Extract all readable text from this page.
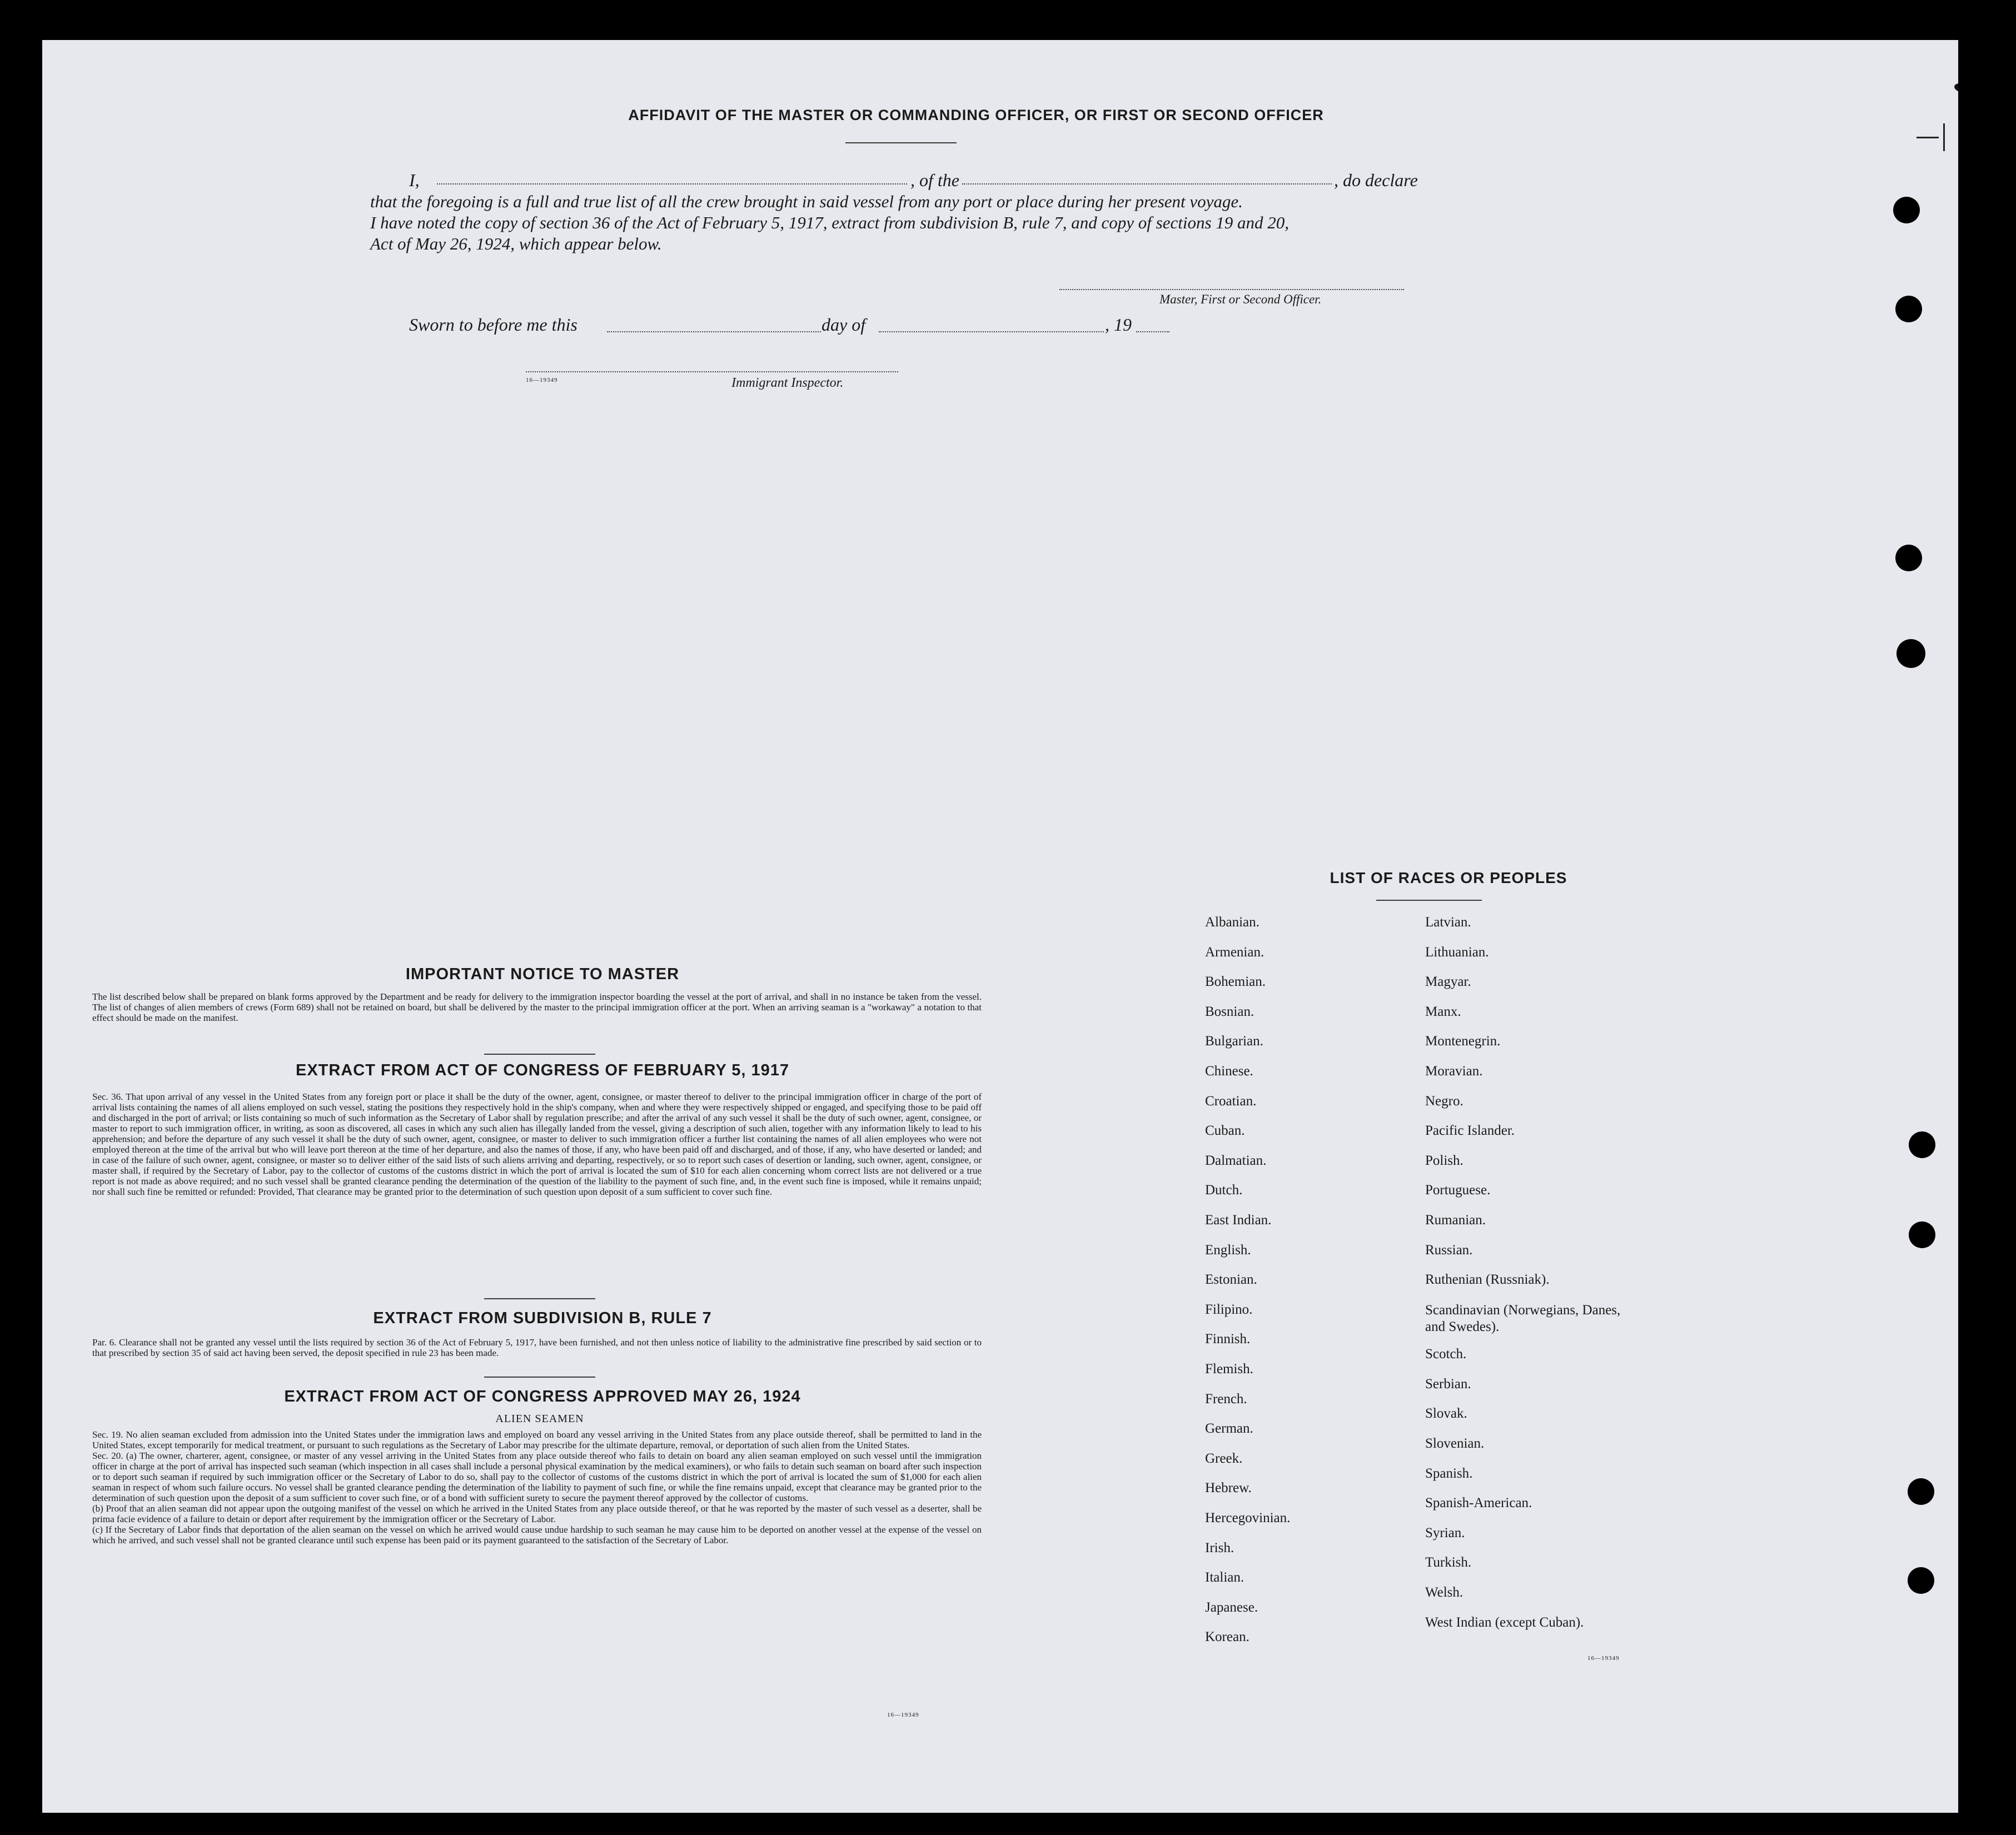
AFFIDAVIT OF THE MASTER OR COMMANDING OFFICER, OR FIRST OR SECOND OFFICER
I,	, of the	, do declare
that the foregoing is a full and true list of all the crew brought in said vessel from any port or place during her present voyage.
I have noted the copy of section 36 of the Act of February 5, 1917, extract from subdivision B, rule 7, and copy of sections 19 and 20,
Act of May 26, 1924, which appear below.
Master, First or Second Officer.
Sworn to before me this	day of	, 19
16—19349	Immigrant Inspector.
IMPORTANT NOTICE TO MASTER
The list described below shall be prepared on blank forms approved by the Department and be ready for delivery to the immigration inspector boarding the vessel at the port of arrival, and shall in no instance be taken from the vessel. The list of changes of alien members of crews (Form 689) shall not be retained on board, but shall be delivered by the master to the principal immigration officer at the port. When an arriving seaman is a "workaway" a notation to that effect should be made on the manifest.
EXTRACT FROM ACT OF CONGRESS OF FEBRUARY 5, 1917
Sec. 36. That upon arrival of any vessel in the United States from any foreign port or place it shall be the duty of the owner, agent, consignee, or master thereof to deliver to the principal immigration officer in charge of the port of arrival lists containing the names of all aliens employed on such vessel, stating the positions they respectively hold in the ship's company, when and where they were respectively shipped or engaged, and specifying those to be paid off and discharged in the port of arrival; or lists containing so much of such information as the Secretary of Labor shall by regulation prescribe; and after the arrival of any such vessel it shall be the duty of such owner, agent, consignee, or master to report to such immigration officer, in writing, as soon as discovered, all cases in which any such alien has illegally landed from the vessel, giving a description of such alien, together with any information likely to lead to his apprehension; and before the departure of any such vessel it shall be the duty of such owner, agent, consignee, or master to deliver to such immigration officer a further list containing the names of all alien employees who were not employed thereon at the time of the arrival but who will leave port thereon at the time of her departure, and also the names of those, if any, who have been paid off and discharged, and of those, if any, who have deserted or landed; and in case of the failure of such owner, agent, consignee, or master so to deliver either of the said lists of such aliens arriving and departing, respectively, or so to report such cases of desertion or landing, such owner, agent, consignee, or master shall, if required by the Secretary of Labor, pay to the collector of customs of the customs district in which the port of arrival is located the sum of $10 for each alien concerning whom correct lists are not delivered or a true report is not made as above required; and no such vessel shall be granted clearance pending the determination of the question of the liability to the payment of such fine, and, in the event such fine is imposed, while it remains unpaid; nor shall such fine be remitted or refunded: Provided, That clearance may be granted prior to the determination of such question upon deposit of a sum sufficient to cover such fine.
EXTRACT FROM SUBDIVISION B, RULE 7
Par. 6. Clearance shall not be granted any vessel until the lists required by section 36 of the Act of February 5, 1917, have been furnished, and not then unless notice of liability to the administrative fine prescribed by said section or to that prescribed by section 35 of said act having been served, the deposit specified in rule 23 has been made.
EXTRACT FROM ACT OF CONGRESS APPROVED MAY 26, 1924
ALIEN SEAMEN
Sec. 19. No alien seaman excluded from admission into the United States under the immigration laws and employed on board any vessel arriving in the United States from any place outside thereof, shall be permitted to land in the United States, except temporarily for medical treatment, or pursuant to such regulations as the Secretary of Labor may prescribe for the ultimate departure, removal, or deportation of such alien from the United States.
Sec. 20. (a) The owner, charterer, agent, consignee, or master of any vessel arriving in the United States from any place outside thereof who fails to detain on board any alien seaman employed on such vessel until the immigration officer in charge at the port of arrival has inspected such seaman (which inspection in all cases shall include a personal physical examination by the medical examiners), or who fails to detain such seaman on board after such inspection or to deport such seaman if required by such immigration officer or the Secretary of Labor to do so, shall pay to the collector of customs of the customs district in which the port of arrival is located the sum of $1,000 for each alien seaman in respect of whom such failure occurs. No vessel shall be granted clearance pending the determination of the liability to payment of such fine, or while the fine remains unpaid, except that clearance may be granted prior to the determination of such question upon the deposit of a sum sufficient to cover such fine, or of a bond with sufficient surety to secure the payment thereof approved by the collector of customs.
(b) Proof that an alien seaman did not appear upon the outgoing manifest of the vessel on which he arrived in the United States from any place outside thereof, or that he was reported by the master of such vessel as a deserter, shall be prima facie evidence of a failure to detain or deport after requirement by the immigration officer or the Secretary of Labor.
(c) If the Secretary of Labor finds that deportation of the alien seaman on the vessel on which he arrived would cause undue hardship to such seaman he may cause him to be deported on another vessel at the expense of the vessel on which he arrived, and such vessel shall not be granted clearance until such expense has been paid or its payment guaranteed to the satisfaction of the Secretary of Labor.
16—19349
LIST OF RACES OR PEOPLES
Albanian.
Armenian.
Bohemian.
Bosnian.
Bulgarian.
Chinese.
Croatian.
Cuban.
Dalmatian.
Dutch.
East Indian.
English.
Estonian.
Filipino.
Finnish.
Flemish.
French.
German.
Greek.
Hebrew.
Hercegovinian.
Irish.
Italian.
Japanese.
Korean.
Latvian.
Lithuanian.
Magyar.
Manx.
Montenegrin.
Moravian.
Negro.
Pacific Islander.
Polish.
Portuguese.
Rumanian.
Russian.
Ruthenian (Russniak).
Scandinavian (Norwegians, Danes, and Swedes).
Scotch.
Serbian.
Slovak.
Slovenian.
Spanish.
Spanish-American.
Syrian.
Turkish.
Welsh.
West Indian (except Cuban).
16—19349
